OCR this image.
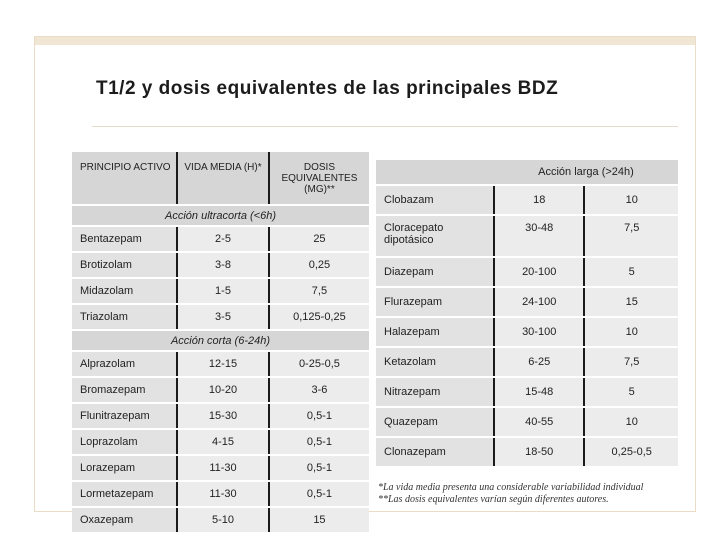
T1/2 y dosis equivalentes de las principales BDZ
PRINCIPIO ACTIVO	VIDA MEDIA (H)*	DOSIS EQUIVALENTES (MG)**
Acción ultracorta (<6h)		
Bentazepam	2-5	25
Brotizolam	3-8	0,25
Midazolam	1-5	7,5
Triazolam	3-5	0,125-0,25
Acción corta (6-24h)		
Alprazolam	12-15	0-25-0,5
Bromazepam	10-20	3-6
Flunitrazepam	15-30	0,5-1
Loprazolam	4-15	0,5-1
Lorazepam	11-30	0,5-1
Lormetazepam	11-30	0,5-1
Oxazepam	5-10	15
	Acción larga (>24h)	
Clobazam	18	10
Cloracepato dipotásico	30-48	7,5
Diazepam	20-100	5
Flurazepam	24-100	15
Halazepam	30-100	10
Ketazolam	6-25	7,5
Nitrazepam	15-48	5
Quazepam	40-55	10
Clonazepam	18-50	0,25-0,5
*La vida media presenta una considerable variabilidad individual
**Las dosis equivalentes varían según diferentes autores.
